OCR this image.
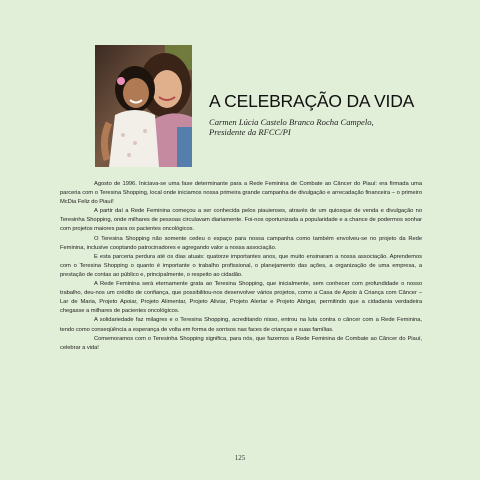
A CELEBRAÇÃO DA VIDA
Carmen Lúcia Castelo Branco Rocha Campelo,
Presidente da RFCC/PI

Agosto de 1996. Iniciava-se uma fase determinante para a Rede Feminina de Combate ao Câncer do Piauí: era firmada uma parceria com o Teresina Shopping, local onde iniciamos nossa primeira grande campanha de divulgação e arrecadação financeira – o primeiro McDia Feliz do Piauí!

A partir daí a Rede Feminina começou a ser conhecida pelos piauienses, através de um quiosque de venda e divulgação no Teresinha Shopping, onde milhares de pessoas circulavam diariamente. Foi-nos oportunizada a popularidade e a chance de podermos sonhar com projetos maiores para os pacientes oncológicos.

O Teresina Shopping não somente cedeu o espaço para nossa campanha como também envolveu-se no projeto da Rede Feminina, inclusive cooptando patrocinadores e agregando valor a nossa associação.

E esta parceria perdura até os dias atuais: quatorze importantes anos, que muito ensinaram a nossa associação. Aprendemos com o Teresina Shopping o quanto é importante o trabalho profissional, o planejamento das ações, a organização de uma empresa, a prestação de contas ao público e, principalmente, o respeito ao cidadão.

A Rede Feminina será eternamente grata ao Teresina Shopping, que inicialmente, sem conhecer com profundidade o nosso trabalho, deu-nos um crédito de confiança, que possibilitou-nos desenvolver vários projetos, como a Casa de Apoio à Criança com Câncer – Lar de Maria, Projeto Apoiar, Projeto Alimentar, Projeto Aliviar, Projeto Alertar e Projeto Abrigar, permitindo que a cidadania verdadeira chegasse a milhares de pacientes oncológicos.

A solidariedade faz milagres e o Teresina Shopping, acreditando nisso, entrou na luta contra o câncer com a Rede Feminina, tendo como conseqüência a esperança de volta em forma de sorrisos nas faces de crianças e suas famílias.

Comemoramos com o Teresinha Shopping significa, para nós, que fazemos a Rede Feminina de Combate ao Câncer do Piauí, celebrar a vida!

125
